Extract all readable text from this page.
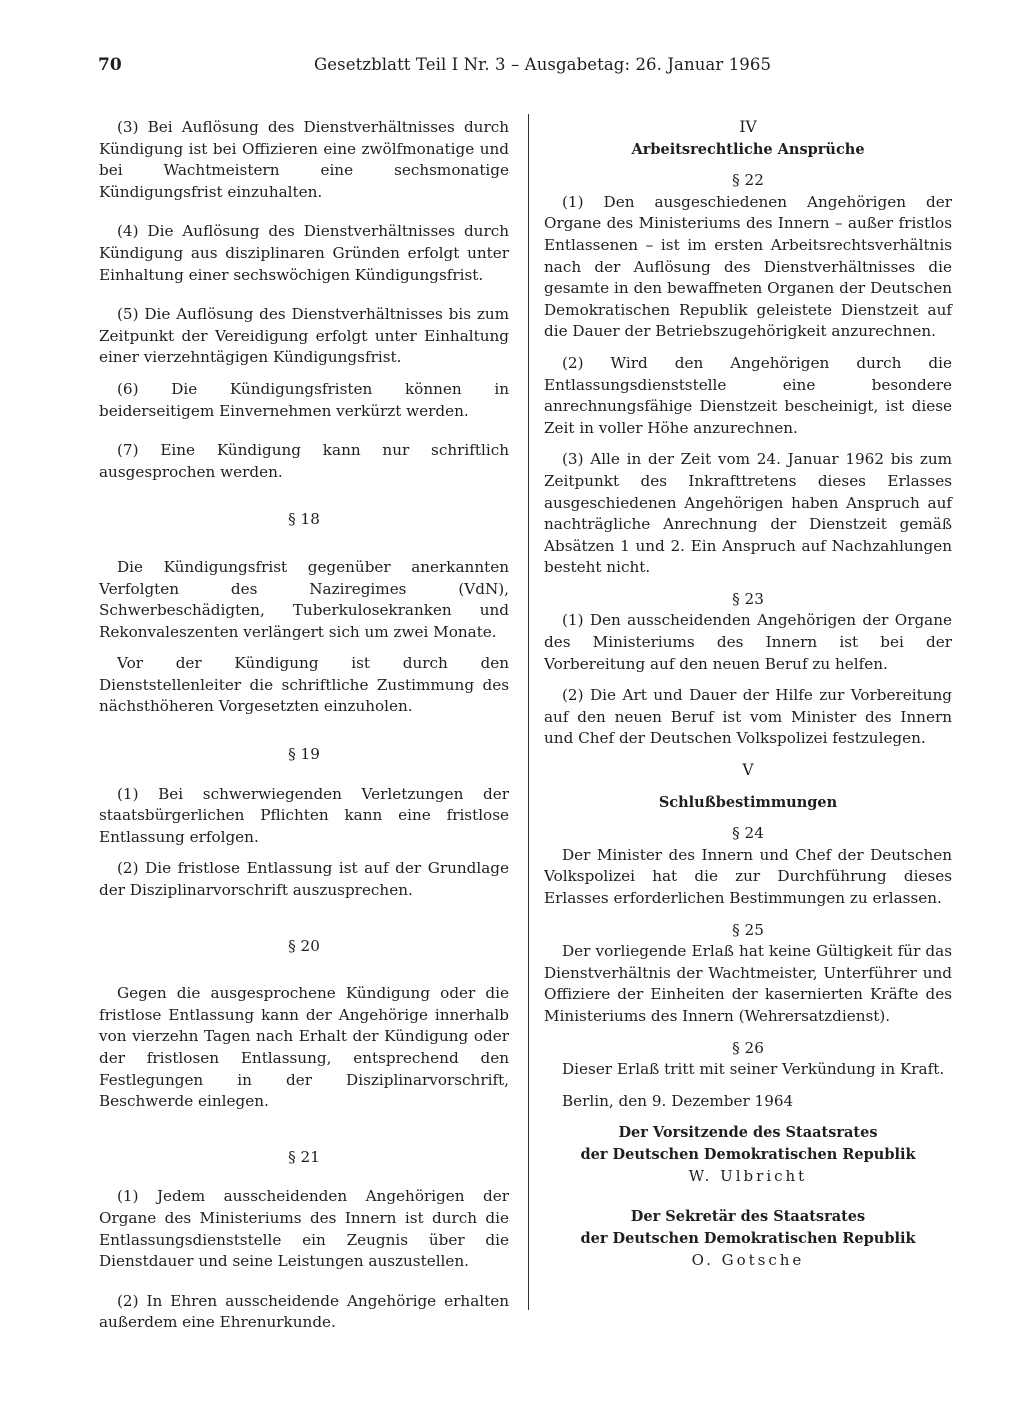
70	Gesetzblatt Teil I Nr. 3 – Ausgabetag: 26. Januar 1965

(3) Bei Auflösung des Dienstverhältnisses durch Kündigung ist bei Offizieren eine zwölfmonatige und bei Wachtmeistern eine sechsmonatige Kündigungsfrist einzuhalten.

(4) Die Auflösung des Dienstverhältnisses durch Kündigung aus disziplinaren Gründen erfolgt unter Einhaltung einer sechswöchigen Kündigungsfrist.

(5) Die Auflösung des Dienstverhältnisses bis zum Zeitpunkt der Vereidigung erfolgt unter Einhaltung einer vierzehntägigen Kündigungsfrist.

(6) Die Kündigungsfristen können in beiderseitigem Einvernehmen verkürzt werden.

(7) Eine Kündigung kann nur schriftlich ausgesprochen werden.

§ 18

Die Kündigungsfrist gegenüber anerkannten Verfolgten des Naziregimes (VdN), Schwerbeschädigten, Tuberkulosekranken und Rekonvaleszenten verlängert sich um zwei Monate.

Vor der Kündigung ist durch den Dienststellenleiter die schriftliche Zustimmung des nächsthöheren Vorgesetzten einzuholen.

§ 19

(1) Bei schwerwiegenden Verletzungen der staatsbürgerlichen Pflichten kann eine fristlose Entlassung erfolgen.

(2) Die fristlose Entlassung ist auf der Grundlage der Disziplinarvorschrift auszusprechen.

§ 20

Gegen die ausgesprochene Kündigung oder die fristlose Entlassung kann der Angehörige innerhalb von vierzehn Tagen nach Erhalt der Kündigung oder der fristlosen Entlassung, entsprechend den Festlegungen in der Disziplinarvorschrift, Beschwerde einlegen.

§ 21

(1) Jedem ausscheidenden Angehörigen der Organe des Ministeriums des Innern ist durch die Entlassungsdienststelle ein Zeugnis über die Dienstdauer und seine Leistungen auszustellen.

(2) In Ehren ausscheidende Angehörige erhalten außerdem eine Ehrenurkunde.

IV

Arbeitsrechtliche Ansprüche

§ 22

(1) Den ausgeschiedenen Angehörigen der Organe des Ministeriums des Innern – außer fristlos Entlassenen – ist im ersten Arbeitsrechtsverhältnis nach der Auflösung des Dienstverhältnisses die gesamte in den bewaffneten Organen der Deutschen Demokratischen Republik geleistete Dienstzeit auf die Dauer der Betriebszugehörigkeit anzurechnen.

(2) Wird den Angehörigen durch die Entlassungsdienststelle eine besondere anrechnungsfähige Dienstzeit bescheinigt, ist diese Zeit in voller Höhe anzurechnen.

(3) Alle in der Zeit vom 24. Januar 1962 bis zum Zeitpunkt des Inkrafttretens dieses Erlasses ausgeschiedenen Angehörigen haben Anspruch auf nachträgliche Anrechnung der Dienstzeit gemäß Absätzen 1 und 2. Ein Anspruch auf Nachzahlungen besteht nicht.

§ 23

(1) Den ausscheidenden Angehörigen der Organe des Ministeriums des Innern ist bei der Vorbereitung auf den neuen Beruf zu helfen.

(2) Die Art und Dauer der Hilfe zur Vorbereitung auf den neuen Beruf ist vom Minister des Innern und Chef der Deutschen Volkspolizei festzulegen.

V

Schlußbestimmungen

§ 24

Der Minister des Innern und Chef der Deutschen Volkspolizei hat die zur Durchführung dieses Erlasses erforderlichen Bestimmungen zu erlassen.

§ 25

Der vorliegende Erlaß hat keine Gültigkeit für das Dienstverhältnis der Wachtmeister, Unterführer und Offiziere der Einheiten der kasernierten Kräfte des Ministeriums des Innern (Wehrersatzdienst).

§ 26

Dieser Erlaß tritt mit seiner Verkündung in Kraft.

Berlin, den 9. Dezember 1964

Der Vorsitzende des Staatsrates

der Deutschen Demokratischen Republik

W. Ulbricht

Der Sekretär des Staatsrates

der Deutschen Demokratischen Republik

O. Gotsche
